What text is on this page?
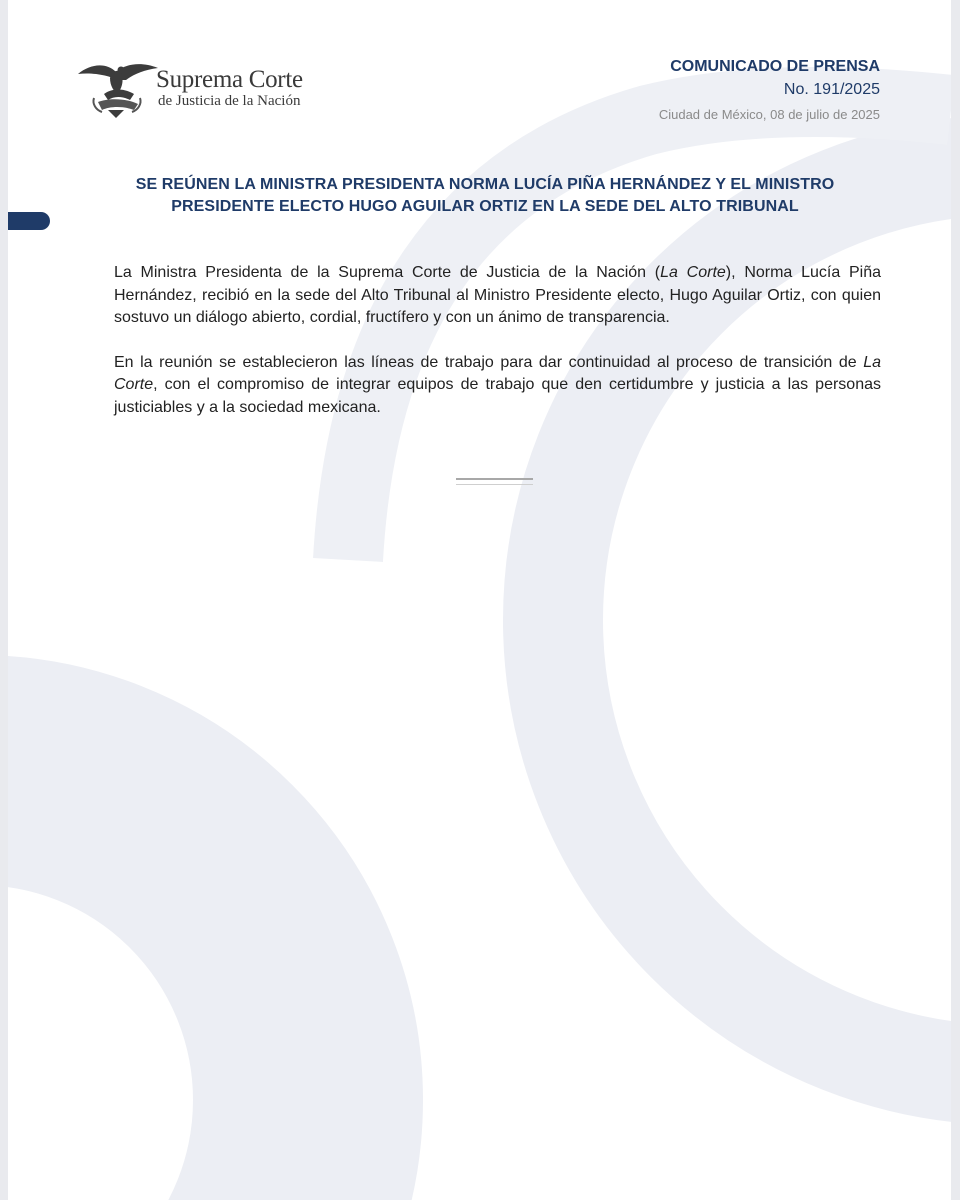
Suprema Corte
de Justicia de la Nación
COMUNICADO DE PRENSA
No. 191/2025
Ciudad de México, 08 de julio de 2025
SE REÚNEN LA MINISTRA PRESIDENTA NORMA LUCÍA PIÑA HERNÁNDEZ Y EL MINISTRO
PRESIDENTE ELECTO HUGO AGUILAR ORTIZ EN LA SEDE DEL ALTO TRIBUNAL

La Ministra Presidenta de la Suprema Corte de Justicia de la Nación (La Corte), Norma Lucía Piña Hernández, recibió en la sede del Alto Tribunal al Ministro Presidente electo, Hugo Aguilar Ortiz, con quien sostuvo un diálogo abierto, cordial, fructífero y con un ánimo de transparencia.

En la reunión se establecieron las líneas de trabajo para dar continuidad al proceso de transición de La Corte, con el compromiso de integrar equipos de trabajo que den certidumbre y justicia a las personas justiciables y a la sociedad mexicana.
